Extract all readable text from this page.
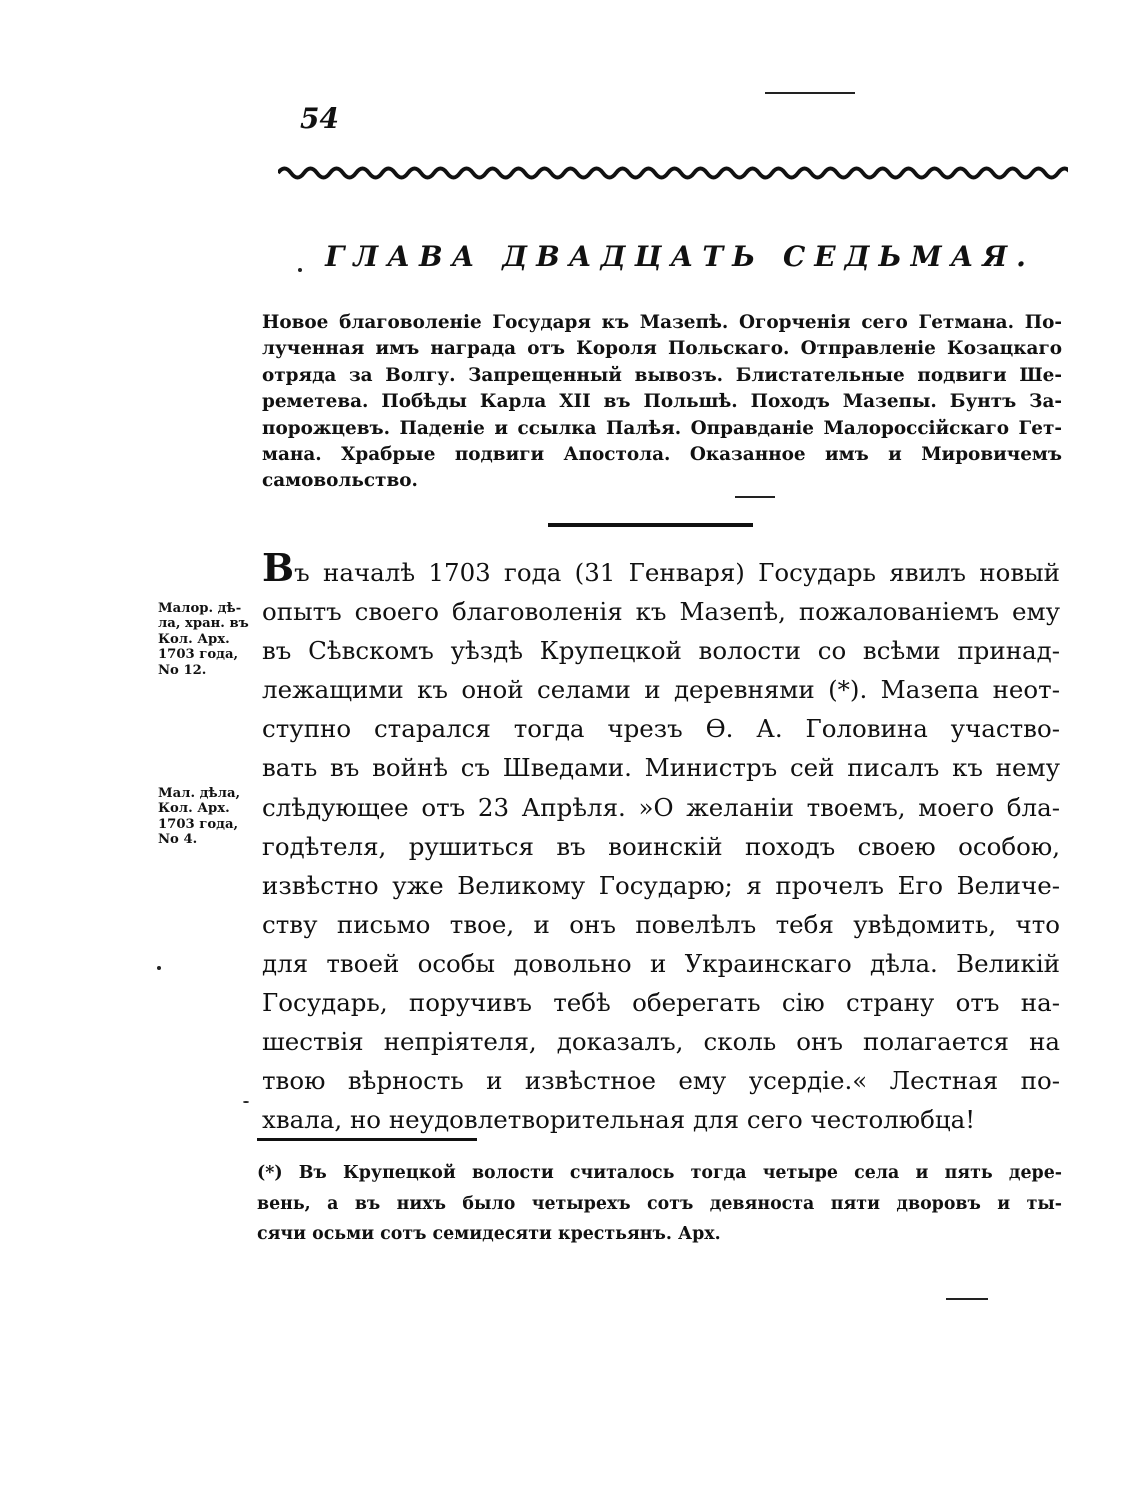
54
ГЛАВА ДВАДЦАТЬ СЕДЬМАЯ.
Новое благоволеніе Государя къ Мазепѣ. Огорченія сего Гетмана. По-
лученная имъ награда отъ Короля Польскаго. Отправленіе Козацкаго
отряда за Волгу. Запрещенный вывозъ. Блистательные подвиги Ше-
реметева. Побѣды Карла XII въ Польшѣ. Походъ Мазепы. Бунтъ За-
порожцевъ. Паденіе и ссылка Палѣя. Оправданіе Малороссійскаго Гет-
мана. Храбрые подвиги Апостола. Оказанное имъ и Мировичемъ
самовольство.
Въ началѣ 1703 года (31 Генваря) Государь явилъ новый
опытъ своего благоволенія къ Мазепѣ, пожалованіемъ ему
въ Сѣвскомъ уѣздѣ Крупецкой волости со всѣми принад-
лежащими къ оной селами и деревнями (*). Мазепа неот-
ступно старался тогда чрезъ Ѳ. А. Головина участво-
вать въ войнѣ съ Шведами. Министръ сей писалъ къ нему
слѣдующее отъ 23 Апрѣля. »О желаніи твоемъ, моего бла-
годѣтеля, рушиться въ воинскій походъ своею особою,
извѣстно уже Великому Государю; я прочелъ Его Величе-
ству письмо твое, и онъ повелѣлъ тебя увѣдомить, что
для твоей особы довольно и Украинскаго дѣла. Великій
Государь, поручивъ тебѣ оберегать сію страну отъ на-
шествія непріятеля, доказалъ, сколь онъ полагается на
твою вѣрность и извѣстное ему усердіе.« Лестная по-
хвала, но неудовлетворительная для сего честолюбца!
Малор. дѣ-
ла, хран. въ
Кол. Арх.
1703 года,
No 12.
Мал. дѣла,
Кол. Арх.
1703 года,
No 4.
(*) Въ Крупецкой волости считалось тогда четыре села и пять дере-
вень, а въ нихъ было четырехъ сотъ девяноста пяти дворовъ и ты-
сячи осьми сотъ семидесяти крестьянъ. Арх.
